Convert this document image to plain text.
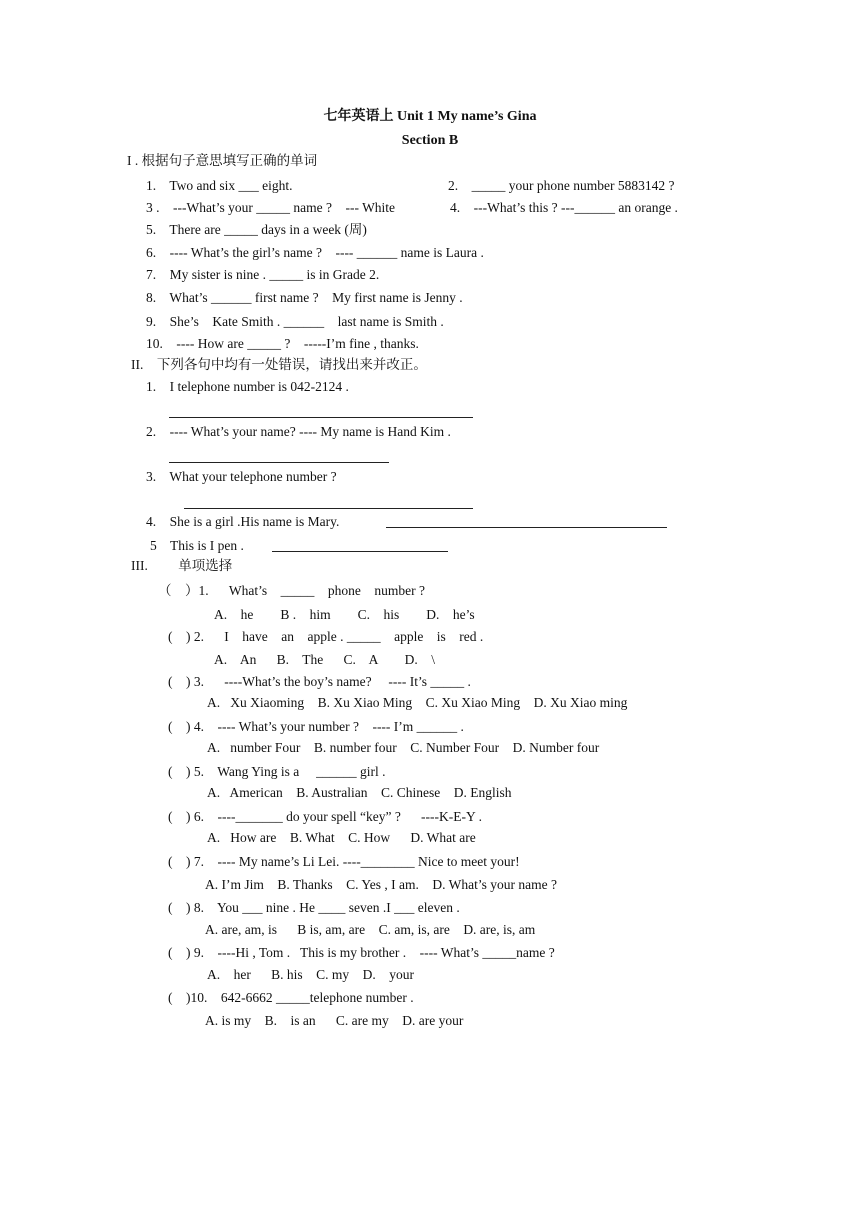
七年英语上 Unit 1 My name’s Gina
Section B
I . 根据句子意思填写正确的单词
1.    Two and six ___ eight.	2.    _____ your phone number 5883142 ?
3 .    ---What’s your _____ name ?    --- White	4.    ---What’s this ? ---______ an orange .
5.    There are _____ days in a week (周)
6.    ---- What’s the girl’s name ?    ---- ______ name is Laura .
7.    My sister is nine . _____ is in Grade 2.
8.    What’s ______ first name ?    My first name is Jenny .
9.    She’s    Kate Smith . ______    last name is Smith .
10.    ---- How are _____ ?    -----I’m fine , thanks.
II.    下列各句中均有一处错误，请找出来并改正。
1.    I telephone number is 042-2124 .
2.    ---- What’s your name? ---- My name is Hand Kim .
3.    What your telephone number ?
4.    She is a girl .His name is Mary.
5    This is I pen .
III.         单项选择
（    ）1.      What’s    _____    phone    number ?
A.    he        B .    him        C.    his        D.    he’s
(    ) 2.      I    have    an    apple . _____    apple    is    red .
A.    An      B.    The      C.    A        D.    \
(    ) 3.      ----What’s the boy’s name?     ---- It’s _____ .
A.   Xu Xiaoming    B. Xu Xiao Ming    C. Xu Xiao Ming    D. Xu Xiao ming
(    ) 4.    ---- What’s your number ?    ---- I’m ______ .
A.   number Four    B. number four    C. Number Four    D. Number four
(    ) 5.    Wang Ying is a     ______ girl .
A.   American    B. Australian    C. Chinese    D. English
(    ) 6.    ----_______ do your spell “key” ?      ----K-E-Y .
A.   How are    B. What    C. How      D. What are
(    ) 7.    ---- My name’s Li Lei. ----________ Nice to meet your!
A. I’m Jim    B. Thanks    C. Yes , I am.    D. What’s your name ?
(    ) 8.    You ___ nine . He ____ seven .I ___ eleven .
A. are, am, is      B is, am, are    C. am, is, are    D. are, is, am
(    ) 9.    ----Hi , Tom .   This is my brother .    ---- What’s _____name ?
A.    her      B. his    C. my    D.    your
(    )10.    642-6662 _____telephone number .
A. is my    B.    is an      C. are my    D. are your
